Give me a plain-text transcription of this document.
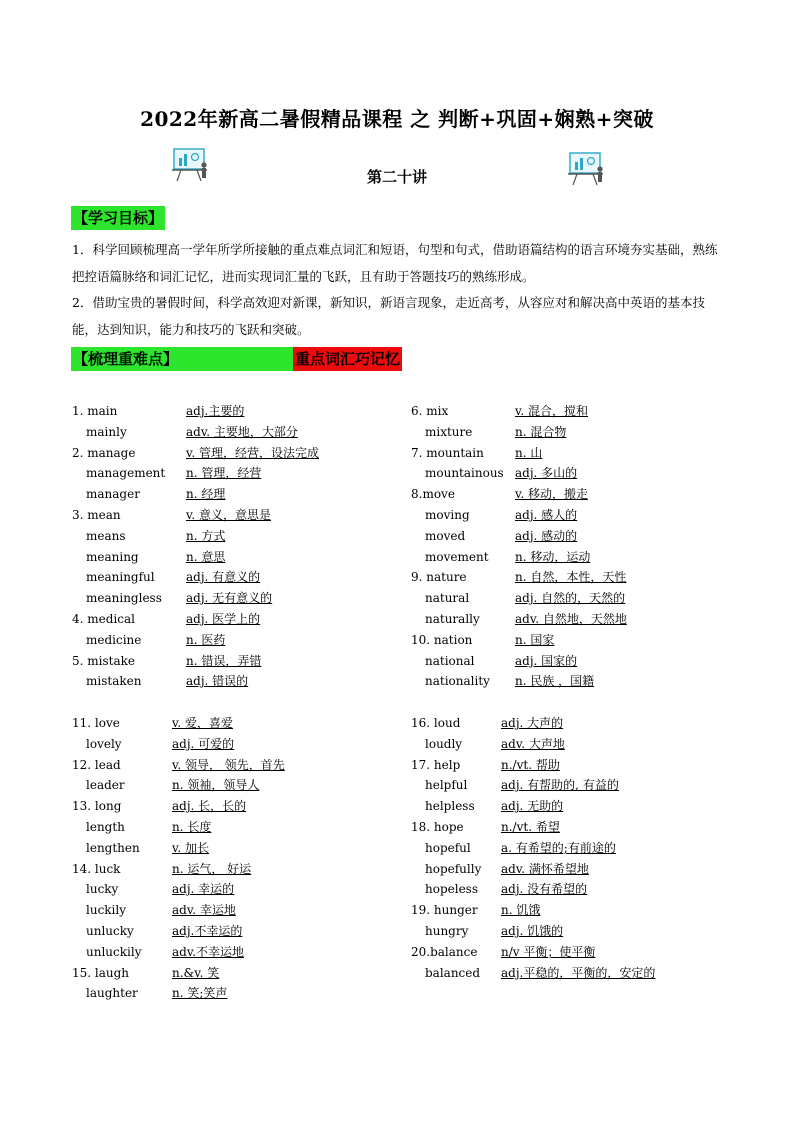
2022年新高二暑假精品课程 之 判断+巩固+娴熟+突破
第二十讲
【学习目标】

1．科学回顾梳理高一学年所学所接触的重点难点词汇和短语，句型和句式，借助语篇结构的语言环境夯实基础，熟练把控语篇脉络和词汇记忆，进而实现词汇量的飞跃，且有助于答题技巧的熟练形成。

2．借助宝贵的暑假时间，科学高效迎对新课，新知识，新语言现象，走近高考，从容应对和解决高中英语的基本技能，达到知识，能力和技巧的飞跃和突破。

【梳理重难点】	重点词汇巧记忆
1. main	adj.主要的
mainly	adv. 主要地，大部分
2. manage	v. 管理，经营，设法完成
management n. 管理，经营
manager	n. 经理
3. mean	v. 意义，意思是
means	n. 方式
meaning	n. 意思
meaningful	adj. 有意义的
meaningless adj. 无有意义的
4. medical	adj. 医学上的
medicine	n. 医药
5. mistake	n. 错误，弄错
mistaken	adj. 错误的
6. mix	v. 混合，搅和
mixture	n. 混合物
7. mountain	n. 山
mountainous adj. 多山的
8.move	v. 移动，搬走
moving	adj. 感人的
moved	adj. 感动的
movement n. 移动，运动
9. nature	n. 自然，本性，天性
natural	adj. 自然的，天然的
naturally	adv. 自然地，天然地
10. nation	n. 国家
national	adj. 国家的
nationality n. 民族 ，国籍
11. love	v. 爱，喜爱
lovely	adj. 可爱的
12. lead	v. 领导， 领先，首先
leader	n. 领袖，领导人
13. long	adj. 长，长的
length	n. 长度
lengthen	v. 加长
14. luck	n. 运气， 好运
lucky	adj. 幸运的
luckily	adv. 幸运地
unlucky	adj.不幸运的
unluckily	adv.不幸运地
15. laugh	n.&v. 笑
laughter	n. 笑;笑声
16. loud	adj. 大声的
loudly	adv. 大声地
17. help	n./vt. 帮助
helpful	adj. 有帮助的, 有益的
helpless adj. 无助的
18. hope	n./vt. 希望
hopeful	a. 有希望的;有前途的
hopefully adv. 满怀希望地
hopeless adj. 没有希望的
19. hunger n. 饥饿
hungry	adj. 饥饿的
20.balance n/v 平衡；使平衡
balanced adj.平稳的，平衡的，安定的
